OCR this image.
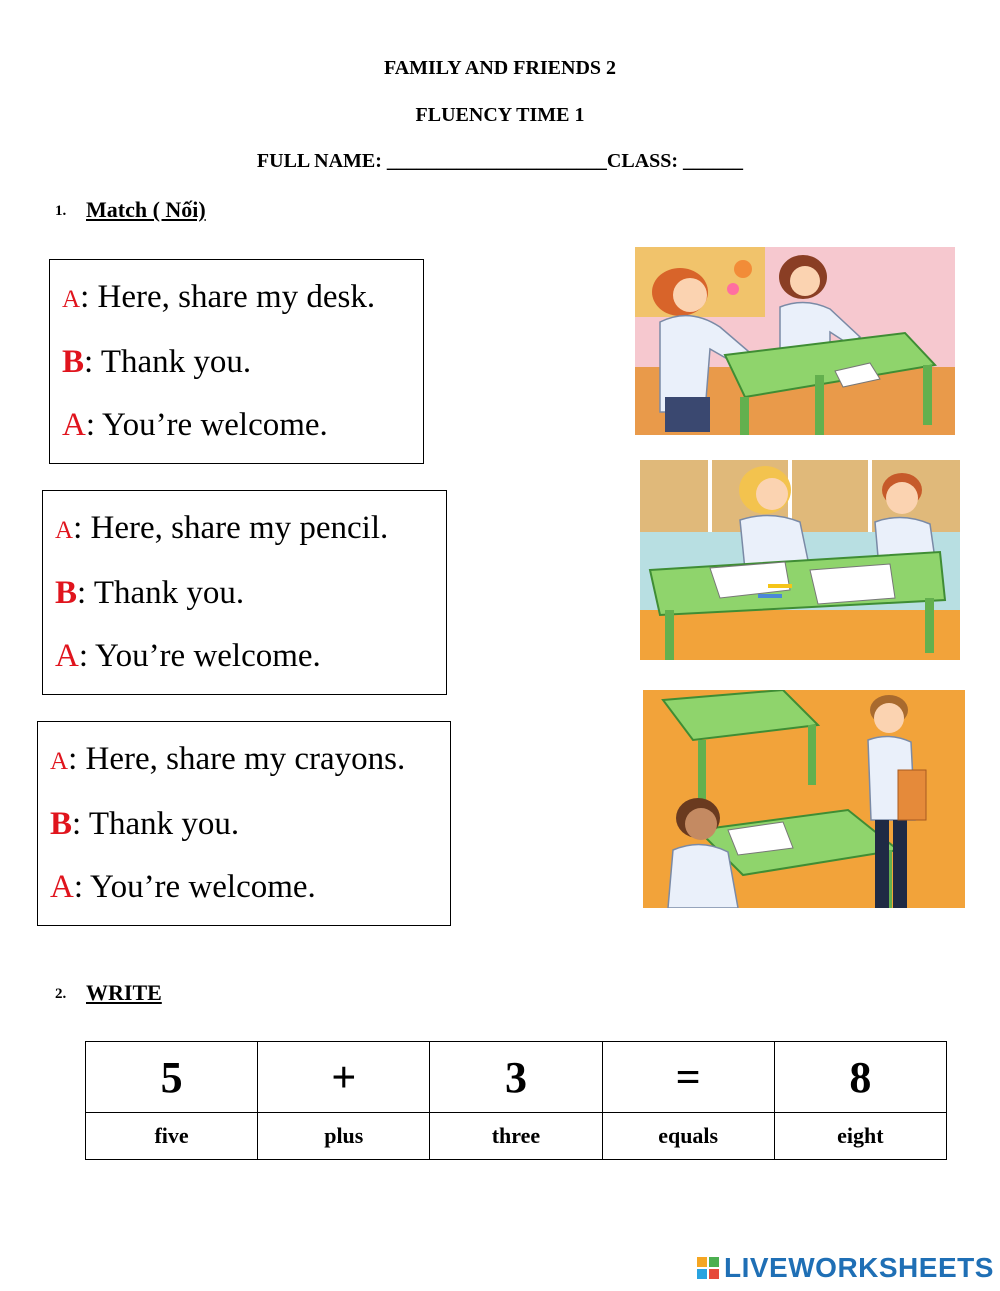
FAMILY AND FRIENDS 2
FLUENCY TIME 1
FULL NAME: ______________________CLASS: ______
1. Match ( Nối)
A: Here, share my desk.
B: Thank you.
A: You’re welcome.
A: Here, share my pencil.
B: Thank you.
A: You’re welcome.
A: Here, share my crayons.
B: Thank you.
A: You’re welcome.
2. WRITE
5	+	3	=	8
five	plus	three	equals	eight
LIVEWORKSHEETS
